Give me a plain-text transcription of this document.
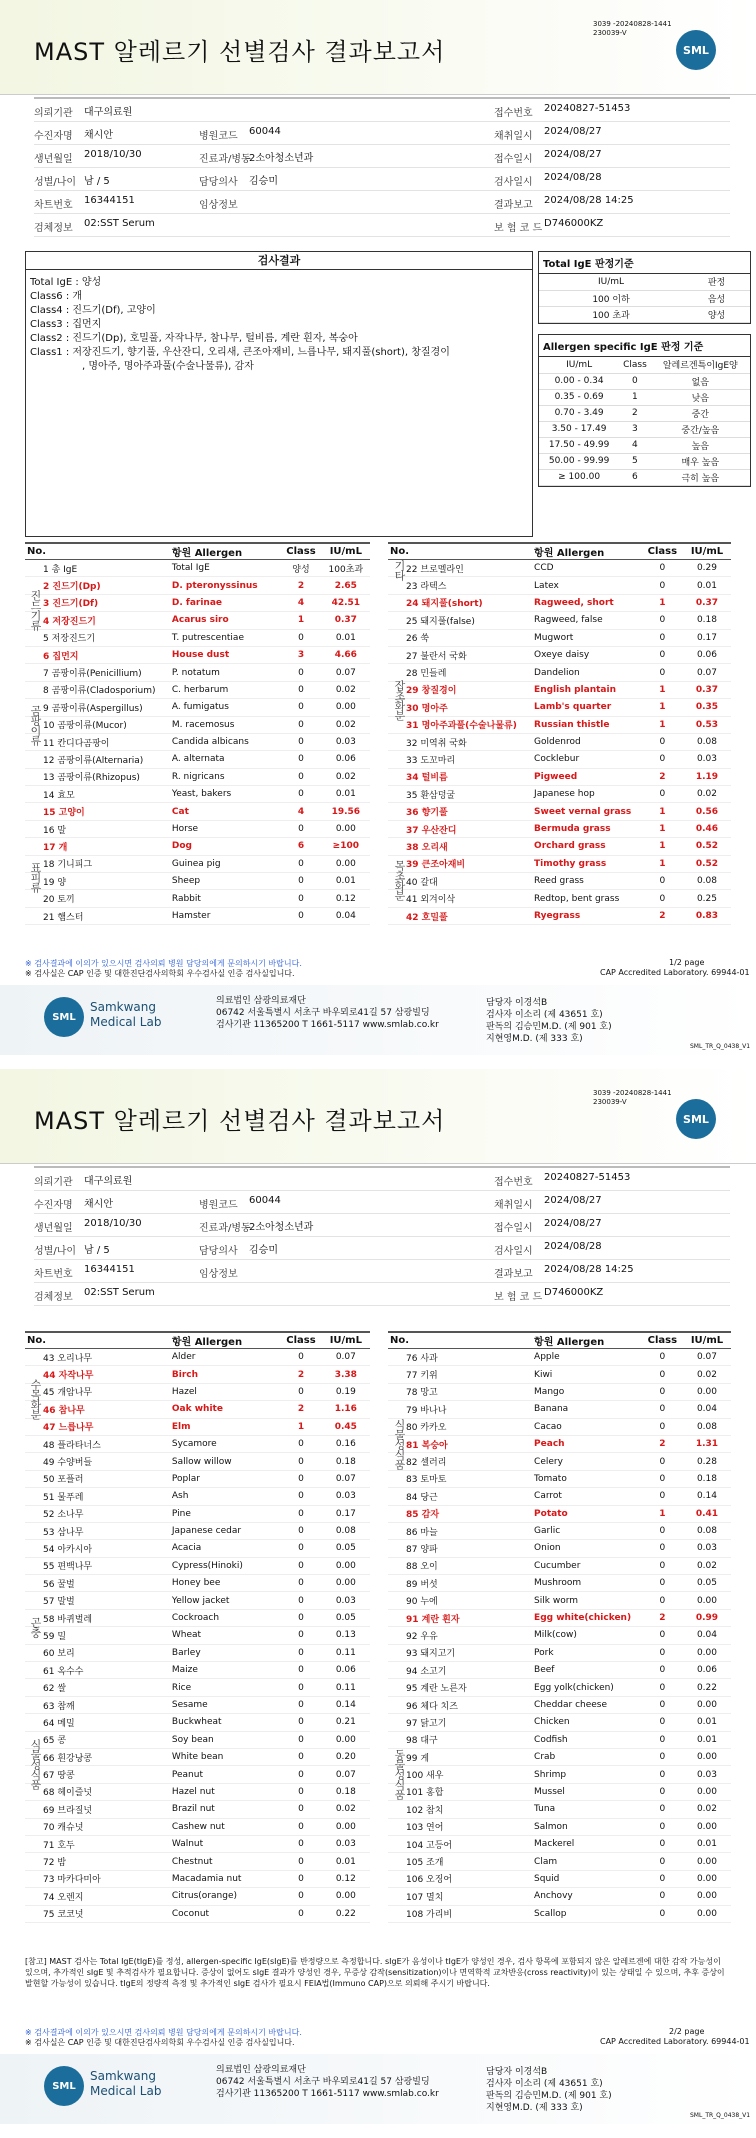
MAST 알레르기 선별검사 결과보고서
3039 -20240828-1441
230039-V
SML
의뢰기관 대구의료원	접수번호 20240827-51453
수진자명 채시안	병원코드 60044	채취일시 2024/08/27
생년월일 2018/10/30	진료과/병동
2소아청소년과	접수일시 2024/08/27
성별/나이 남 / 5	담당의사 김승미	검사일시 2024/08/28
차트번호 16344151	임상정보	결과보고 2024/08/28 14:25
검체정보 02:SST Serum	보 험 코 드 D746000KZ
검사결과
Total IgE : 양성
Class6 : 개
Class4 : 진드기(Df), 고양이
Class3 : 집먼지
Class2 : 진드기(Dp), 호밀풀, 자작나무, 참나무, 털비름, 계란 흰자, 복숭아
Class1 : 저장진드기, 향기풀, 우산잔디, 오리새, 큰조아재비, 느릅나무, 돼지풀(short), 창질경이
, 명아주, 명아주과풀(수술나물류), 감자
Total IgE 판정기준
IU/mL	판정
100 이하	음성
100 초과	양성
Allergen specific IgE 판정 기준
IU/mL	Class	알레르겐특이IgE양
0.00 - 0.34	0	없음
0.35 - 0.69	1	낮음
0.70 - 3.49	2	중간
3.50 - 17.49	3	중간/높음
17.50 - 49.99	4	높음
50.00 - 99.99	5	매우 높음
≥ 100.00	6	극히 높음
No.	항원 Allergen	Class	IU/mL
1 총 IgE	Total IgE	양성	100초과
2 진드기(Dp)	D. pteronyssinus	2	2.65
3 진드기(Df)	D. farinae	4	42.51
4 저장진드기	Acarus siro	1	0.37
5 저장진드기	T. putrescentiae	0	0.01
6 집먼지	House dust	3	4.66
7 곰팡이류(Penicillium)	P. notatum	0	0.07
8 곰팡이류(Cladosporium)	C. herbarum	0	0.02
9 곰팡이류(Aspergillus)	A. fumigatus	0	0.00
10 곰팡이류(Mucor)	M. racemosus	0	0.02
11 칸디다곰팡이	Candida albicans	0	0.03
12 곰팡이류(Alternaria)	A. alternata	0	0.06
13 곰팡이류(Rhizopus)	R. nigricans	0	0.02
14 효모	Yeast, bakers	0	0.01
15 고양이	Cat	4	19.56
16 말	Horse	0	0.00
17 개	Dog	6	≥100
18 기니피그	Guinea pig	0	0.00
19 양	Sheep	0	0.01
20 토끼	Rabbit	0	0.12
21 햄스터	Hamster	0	0.04
No.	항원 Allergen	Class	IU/mL
22 브로멜라인	CCD	0	0.29
23 라텍스	Latex	0	0.01
24 돼지풀(short)	Ragweed, short	1	0.37
25 돼지풀(false)	Ragweed, false	0	0.18
26 쑥	Mugwort	0	0.17
27 불란서 국화	Oxeye daisy	0	0.06
28 민들레	Dandelion	0	0.07
29 창질경이	English plantain	1	0.37
30 명아주	Lamb's quarter	1	0.35
31 명아주과풀(수술나물류)	Russian thistle	1	0.53
32 미역취 국화	Goldenrod	0	0.08
33 도꼬마리	Cocklebur	0	0.03
34 털비름	Pigweed	2	1.19
35 환삼덩굴	Japanese hop	0	0.02
36 향기풀	Sweet vernal grass	1	0.56
37 우산잔디	Bermuda grass	1	0.46
38 오리새	Orchard grass	1	0.52
39 큰조아재비	Timothy grass	1	0.52
40 갈대	Reed grass	0	0.08
41 외겨이삭	Redtop, bent grass	0	0.25
42 호밀풀	Ryegrass	2	0.83
진드기류
곰팡이류
표피류
기타
잡초화분
목초화분
※ 검사결과에 이의가 있으시면 검사의뢰 병원 담당의에게 문의하시기 바랍니다.
※ 검사실은 CAP 인증 및 대한진단검사의학회 우수검사실 인증 검사실입니다.
1/2 page
CAP Accredited Laboratory. 69944-01
SML
Samkwang
Medical Lab
의료법인 삼광의료재단
06742 서울특별시 서초구 바우뫼로41길 57 삼광빌딩
검사기관 11365200 T 1661-5117 www.smlab.co.kr
담당자 이경석B
검사자 이소리 (제 43651 호)
판독의 김승민M.D. (제 901 호)
지현영M.D. (제 333 호)
SML_TR_Q_0438_V1
MAST 알레르기 선별검사 결과보고서
3039 -20240828-1441
230039-V
SML
의뢰기관 대구의료원	접수번호 20240827-51453
수진자명 채시안	병원코드 60044	채취일시 2024/08/27
생년월일 2018/10/30	진료과/병동
2소아청소년과	접수일시 2024/08/27
성별/나이 남 / 5	담당의사 김승미	검사일시 2024/08/28
차트번호 16344151	임상정보	결과보고 2024/08/28 14:25
검체정보 02:SST Serum	보 험 코 드 D746000KZ
No.	항원 Allergen	Class	IU/mL
43 오리나무	Alder	0	0.07
44 자작나무	Birch	2	3.38
45 개암나무	Hazel	0	0.19
46 참나무	Oak white	2	1.16
47 느릅나무	Elm	1	0.45
48 플라타너스	Sycamore	0	0.16
49 수양버들	Sallow willow	0	0.18
50 포플러	Poplar	0	0.07
51 물푸레	Ash	0	0.03
52 소나무	Pine	0	0.17
53 삼나무	Japanese cedar	0	0.08
54 아카시아	Acacia	0	0.05
55 편백나무	Cypress(Hinoki)	0	0.00
56 꿀벌	Honey bee	0	0.00
57 말벌	Yellow jacket	0	0.03
58 바퀴벌레	Cockroach	0	0.05
59 밀	Wheat	0	0.13
60 보리	Barley	0	0.11
61 옥수수	Maize	0	0.06
62 쌀	Rice	0	0.11
63 참깨	Sesame	0	0.14
64 메밀	Buckwheat	0	0.21
65 콩	Soy bean	0	0.00
66 흰강낭콩	White bean	0	0.20
67 땅콩	Peanut	0	0.07
68 헤이즐넛	Hazel nut	0	0.18
69 브라질넛	Brazil nut	0	0.02
70 캐슈넛	Cashew nut	0	0.00
71 호두	Walnut	0	0.03
72 밤	Chestnut	0	0.01
73 마카다미아	Macadamia nut	0	0.12
74 오렌지	Citrus(orange)	0	0.00
75 코코넛	Coconut	0	0.22
No.	항원 Allergen	Class	IU/mL
76 사과	Apple	0	0.07
77 키위	Kiwi	0	0.02
78 망고	Mango	0	0.00
79 바나나	Banana	0	0.04
80 카카오	Cacao	0	0.08
81 복숭아	Peach	2	1.31
82 셀러리	Celery	0	0.28
83 토마토	Tomato	0	0.18
84 당근	Carrot	0	0.14
85 감자	Potato	1	0.41
86 마늘	Garlic	0	0.08
87 양파	Onion	0	0.03
88 오이	Cucumber	0	0.02
89 버섯	Mushroom	0	0.05
90 누에	Silk worm	0	0.00
91 계란 흰자	Egg white(chicken)	2	0.99
92 우유	Milk(cow)	0	0.04
93 돼지고기	Pork	0	0.00
94 소고기	Beef	0	0.06
95 계란 노른자	Egg yolk(chicken)	0	0.22
96 체다 치즈	Cheddar cheese	0	0.00
97 닭고기	Chicken	0	0.01
98 대구	Codfish	0	0.01
99 게	Crab	0	0.00
100 새우	Shrimp	0	0.03
101 홍합	Mussel	0	0.00
102 참치	Tuna	0	0.02
103 연어	Salmon	0	0.00
104 고등어	Mackerel	0	0.01
105 조개	Clam	0	0.00
106 오징어	Squid	0	0.00
107 멸치	Anchovy	0	0.00
108 가리비	Scallop	0	0.00
수목화분
곤충
식물성식품
식물성식품
동물성식품
[참고] MAST 검사는 Total IgE(tIgE)를 정성, allergen-specific IgE(sIgE)를 반정량으로 측정합니다. sIgE가 음성이나 tIgE가 양성인 경우, 검사 항목에 포함되지 않은 알레르겐에 대한 감작 가능성이 있으며, 추가적인 sIgE 및 추적검사가 필요합니다. 증상이 없어도 sIgE 결과가 양성인 경우, 무증상 감작(sensitization)이나 면역학적 교차반응(cross reactivity)이 있는 상태일 수 있으며, 추후 증상이 발현할 가능성이 있습니다. tIgE의 정량적 측정 및 추가적인 sIgE 검사가 필요시 FEIA법(Immuno CAP)으로 의뢰해 주시기 바랍니다.
※ 검사결과에 이의가 있으시면 검사의뢰 병원 담당의에게 문의하시기 바랍니다.
※ 검사실은 CAP 인증 및 대한진단검사의학회 우수검사실 인증 검사실입니다.
2/2 page
CAP Accredited Laboratory. 69944-01
SML
Samkwang
Medical Lab
의료법인 삼광의료재단
06742 서울특별시 서초구 바우뫼로41길 57 삼광빌딩
검사기관 11365200 T 1661-5117 www.smlab.co.kr
담당자 이경석B
검사자 이소리 (제 43651 호)
판독의 김승민M.D. (제 901 호)
지현영M.D. (제 333 호)
SML_TR_Q_0438_V1
